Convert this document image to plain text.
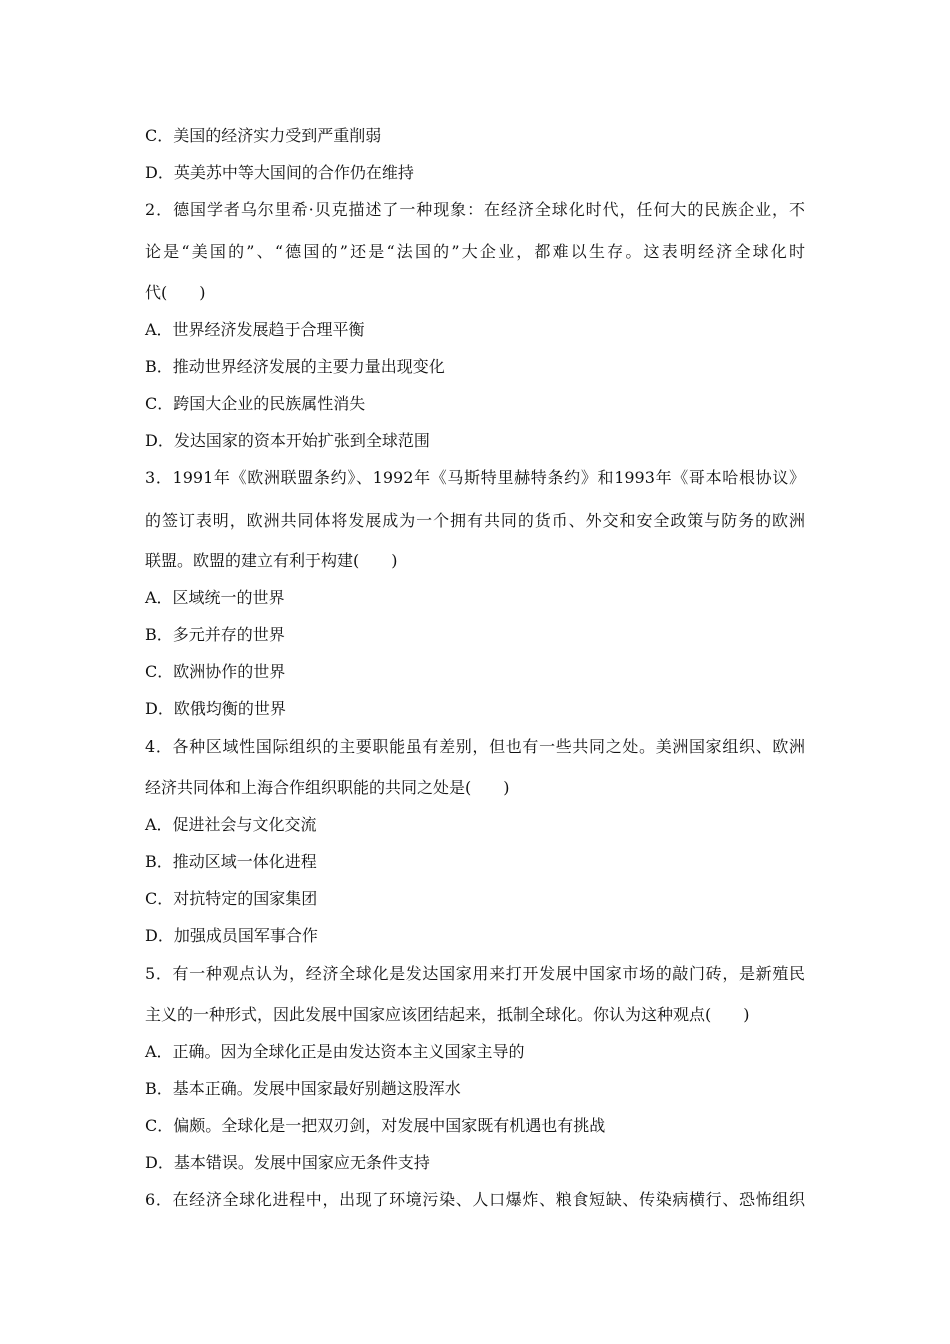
C．美国的经济实力受到严重削弱
D．英美苏中等大国间的合作仍在维持
2．德国学者乌尔里希·贝克描述了一种现象：在经济全球化时代，任何大的民族企业，不
论是“美国的”、“德国的”还是“法国的”大企业，都难以生存。这表明经济全球化时
代(　　)
A．世界经济发展趋于合理平衡
B．推动世界经济发展的主要力量出现变化
C．跨国大企业的民族属性消失
D．发达国家的资本开始扩张到全球范围
3．1991年《欧洲联盟条约》、1992年《马斯特里赫特条约》和1993年《哥本哈根协议》
的签订表明，欧洲共同体将发展成为一个拥有共同的货币、外交和安全政策与防务的欧洲
联盟。欧盟的建立有利于构建(　　)
A．区域统一的世界
B．多元并存的世界
C．欧洲协作的世界
D．欧俄均衡的世界
4．各种区域性国际组织的主要职能虽有差别，但也有一些共同之处。美洲国家组织、欧洲
经济共同体和上海合作组织职能的共同之处是(　　)
A．促进社会与文化交流
B．推动区域一体化进程
C．对抗特定的国家集团
D．加强成员国军事合作
5．有一种观点认为，经济全球化是发达国家用来打开发展中国家市场的敲门砖，是新殖民
主义的一种形式，因此发展中国家应该团结起来，抵制全球化。你认为这种观点(　　)
A．正确。因为全球化正是由发达资本主义国家主导的
B．基本正确。发展中国家最好别趟这股浑水
C．偏颇。全球化是一把双刃剑，对发展中国家既有机遇也有挑战
D．基本错误。发展中国家应无条件支持
6．在经济全球化进程中，出现了环境污染、人口爆炸、粮食短缺、传染病横行、恐怖组织
